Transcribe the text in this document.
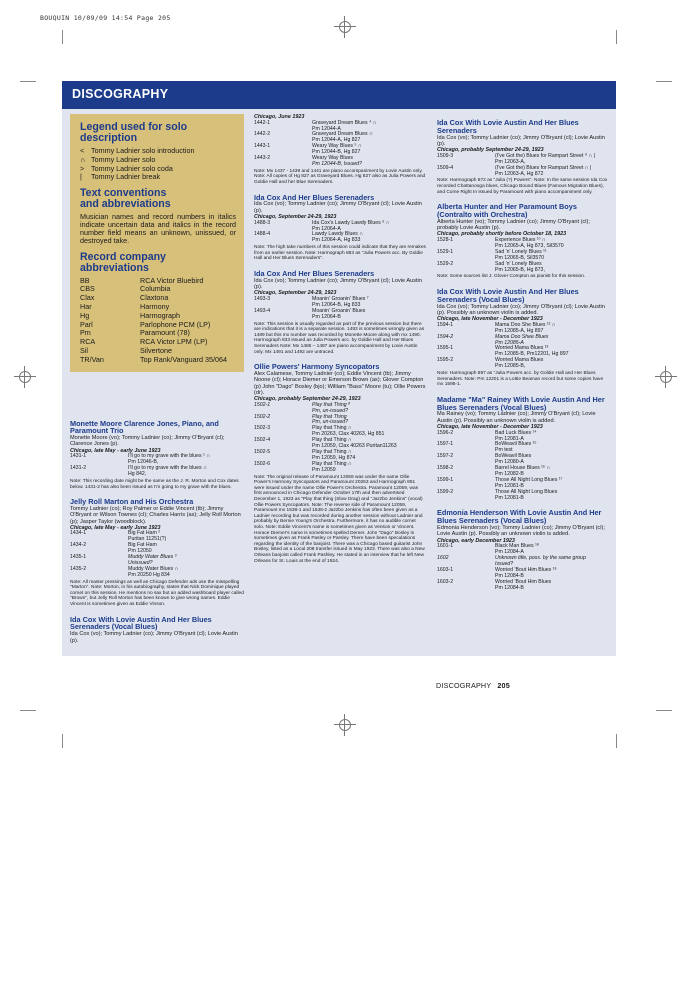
BOUQUIN 10/09/09 14:54 Page 205
DISCOGRAPHY
Legend used for solo description
< Tommy Ladnier solo introduction
∩ Tommy Ladnier solo
> Tommy Ladnier solo coda
| Tommy Ladnier break
Text conventions and abbreviations
Musician names and record numbers in italics indicate uncertain data and italics in the record number field means an unknown, unissued, or destroyed take.
Record company abbreviations
BB	RCA Victor Bluebird
CBS	Columbia
Clax	Claxtona
Har	Harmony
Hg	Harmograph
Parl	Parlophone PCM (LP)
Pm	Paramount (78)
RCA	RCA Victor LPM (LP)
Sil	Silvertone
TR/Van	Top Rank/Vanguard 35/064
Monette Moore Clarence Jones, Piano, and Paramount Trio
Monette Moore (vo); Tommy Ladnier (co); Jimmy O'Bryant (cl); Clarence Jones (p).
Chicago, late May - early June 1923
1431-1	I'll go to my grave with the blues ¹ ∩
Pm 12046-B,
1431-2	I'll go to my grave with the blues ∩
Hg 842,
Note: This recording date might be the same as the J. R. Morton and Cox dates below. 1431-2 has also been issued as I'm going to my grave with the blues.
Jelly Roll Marton and His Orchestra
Tommy Ladnier (co); Roy Palmer or Eddie Vincent (tb); Jimmy O'Bryant or Wilson Townes (cl); Charles Harris (as); Jelly Roll Morton (p); Jasper Taylor (woodblock).
Chicago, late May - early June 1923
1434-1	Big Fat Ham ²
Puritan 11251(?)
1434-2	Big Fat Ham
Pm 12050
1435-1	Muddy Water Blues ³
Unissued?
1435-2	Muddy Water Blues ∩
Pm 20250 Hg 834
Note: All master pressings as well as Chicago Defender ads use the misspelling "Marton". Note: Morton, in his autobiography, states that Nick Dominique played cornet on this session. He mentions no sax but an added washboard player called "Brown", but Jelly Roll Morton has been known to give wrong names. Eddie Vincent is sometimes given as Eddie Vinson.
Ida Cox With Lovie Austin And Her Blues Serenaders (Vocal Blues)
Ida Cox (vo); Tommy Ladnier (co); Jimmy O'Bryant (cl); Lovie Austin (p).
Chicago, June 1923
1442-1	Graveyard Dream Blues ⁴ ∩
Pm 12044-A
1442-2	Graveyard Dream Blues ∩
Pm 12044-A, Hg 827
1443-1	Weary Way Blues ⁵ ∩
Pm 12044-B, Hg 827
1443-2	Weary Way Blues
Pm 12044-B, Issued?
Note: Mx 1437 - 1439 and 1441 are piano accompaniment by Lovie Austin only. Note: All copies of Hg 827 as Graveyard Blues. Hg 827 also as Julia Powers and Goldie Hall and her Blue Serenaders.
Ida Cox And Her Blues Serenaders
Ida Cox (vo); Tommy Ladnier (co); Jimmy O'Bryant (cl); Lovie Austin (p).
Chicago, September 24-29, 1923
1488-3	Ida Cox's Lawdy Lawdy Blues ⁶ ∩
Pm 12064-A
1488-4	Lawdy Lawdy Blues ∩
Pm 12064-A, Hg 833
Note: The high take numbers of this session could indicate that they are remakes from an earlier session. Note: Harmograph 883 as "Julia Powers acc. By Goldie Hall and Her Blues Serenaders".
Ida Cox And Her Blues Serenaders
Ida Cox (vo); Tommy Ladnier (co); Jimmy O'Bryant (cl); Lovie Austin (p).
Chicago, September 24-29, 1923
1493-3	Moanin' Groanin' Blues ⁷
Pm 12064-B, Hg 833
1493-4	Moanin' Groanin' Blues
Pm 12064-B
Note: This session is usually regarded as part of the previous session but there are indications that it is a separate session. 1493 is sometimes wrongly given as 1489 but this mx number was recorded by Monette Moore along with mx 1490. Harmograph 833 issued as Julia Powers acc. by Goldie Hall and Her Blues Serenaders Note: Mx 1486 – 1487 are piano accompaniment by Lovie Austin only. Mx 1491 and 1492 are untraced.
Ollie Powers' Harmony Syncopators
Alex Calamese, Tommy Ladnier (co); Eddie Vincent (tb); Jimmy Noone (cl); Horace Diemer or Emerson Brown (as); Glover Compton (p) John "Dago" Bosley (bjo); William "Bass" Moore (tu); Ollie Powers (dr).
Chicago, probably September 24-29, 1923
1502-1	Play that Thing ⁸
Pm, un-issued?
1502-2	Play that Thing
Pm, un-issued?
1502-3	Play that Thing ∩
Pm 20263, Clax 40263, Hg 851
1502-4	Play that Thing ∩
Pm 12059, Clax 40263 Puritan11263
1502-5	Play that Thing ∩
Pm 12059, Hg 874
1502-6	Play that Thing ∩
Pm 12059
Note: The original release of Paramount 12059 was under the name Ollie Power's Harmony Syncopators and Paramount 20263 and Harmograph 851 were issued under the name Ollie Power's Orchestra. Paramount 12059, was first announced in Chicago Defender October 17th and then advertised December 1, 1923 as "Play that thing (Slow Drag) and "Jazzbo Jenkins" (vocal) Ollie Powers Syncopators. Note: The reverse side of Paramount 12059, Paramount mx 1538-1 and 1538-2 Jazzbo Jenkins has often been given as a Ladnier recording but was recorded during another session without Ladnier and probably by Bernie Young's Orchestra. Furthermore, it has no audible cornet solo. Note: Eddie Vincent's name is sometimes given as Venson or Vincent. Horace Diemer's name is sometimes spelled Demer. John "Dago" Bosley is sometimes given as Frank Pasley or Parsley. There have been speculations regarding the identity of the banjoist. There was a Chicago based guitarist John Bosley, listed as a Local 208 transfer issued in May 1923. There was also a New Orleans banjoist called Frank Pashley. He stated in an interview that he left New Orleans for St. Louis at the end of 1924.
Ida Cox With Lovie Austin And Her Blues Serenaders
Ida Cox (vo); Tommy Ladnier (co); Jimmy O'Bryant (cl); Lovie Austin (p).
Chicago, probably September 24-29, 1923
1509-3	(I've Got the) Blues for Rampart Street ⁹ ∩ |
Pm 12063-A,
1509-4	(I've Got the) Blues for Rampart Street ∩ |
Pm 12063-A, Hg 872
Note: Harmograph 872 as "Julia (?) Powers". Note: In the same session Ida Cox recorded Chattanooga blues, Chicago Bound Blues (Famous Migration Blues), and Come Right In issued by Paramount with piano accompaniment only.
Alberta Hunter and Her Paramount Boys (Contralto with Orchestra)
Alberta Hunter (vo); Tommy Ladnier (co); Jimmy O'Bryant (cl); probably Lovie Austin (p).
Chicago, probably shortly before October 18, 1923
1528-1	Experience Blues ¹⁰ ∩
Pm 12065-A, Hg 873, Sil3570
1529-1	Sad 'n' Lonely Blues ¹¹
Pm 12065-B, Sil3570
1529-2	Sad 'n' Lonely Blues
Pm 12065-B, Hg 873,
Note: Some sources list J. Glover Compton as pianist for this session.
Ida Cox With Lovie Austin And Her Blues Serenaders (Vocal Blues)
Ida Cox (vo); Tommy Ladnier (co); Jimmy O'Bryant (cl); Lovie Austin (p). Possibly an unknown violin is added.
Chicago, late November - December 1923
1594-1	Mama Doo She Blues ¹² ∩
Pm 12085-A, Hg 897
1594-2	Mama Doo Shee Blues
Pm 12085-A
1595-1	Worried Mama Blues ¹³
Pm 12085-B, Pm12201, Hg 897
1595-2	Worried Mama Blues
Pm 12085-B,
Note: Harmograph 897 as "Julia Powers acc. by Goldie Hall and Her Blues Serenaders. Note: Pm 12201 is a Lottie Beaman record but some copies have mx 1595-1.
Madame "Ma" Rainey With Lovie Austin And Her Blues Serenaders (Vocal Blues)
Ma Rainey (vo); Tommy Ladnier (co); Jimmy O'Bryant (cl); Lovie Austin (p). Possibly an unknown violin is added.
Chicago, late November - December 1923
1596-2	Bad Luck Blues ¹⁴
Pm 12081-A
1597-1	BoWeavil Blues ¹⁵
Pm test
1597-2	BoWeavil Blues
Pm 12080-A
1598-2	Barrel House Blues ¹⁶ ∩
Pm 12082-B
1599-1	Those All Night Long Blues ¹⁷
Pm 12081-B
1599-2	Those All Night Long Blues
Pm 12081-B
Edmonia Henderson With Lovie Austin And Her Blues Serenaders (Vocal Blues)
Edmonia Henderson (vo); Tommy Ladnier (co); Jimmy O'Bryant (cl); Lovie Austin (p). Possibly an unknown violin is added.
Chicago, early December 1923
1601-1	Black Man Blues ¹⁸
Pm 12084-A
1602	Unknown title, poss. by the same group
Issued?
1603-1	Worried 'Bout Him Blues ¹⁹
Pm 12084-B
1603-2	Worried 'Bout Him Blues
Pm 12084-B
DISCOGRAPHY 205
